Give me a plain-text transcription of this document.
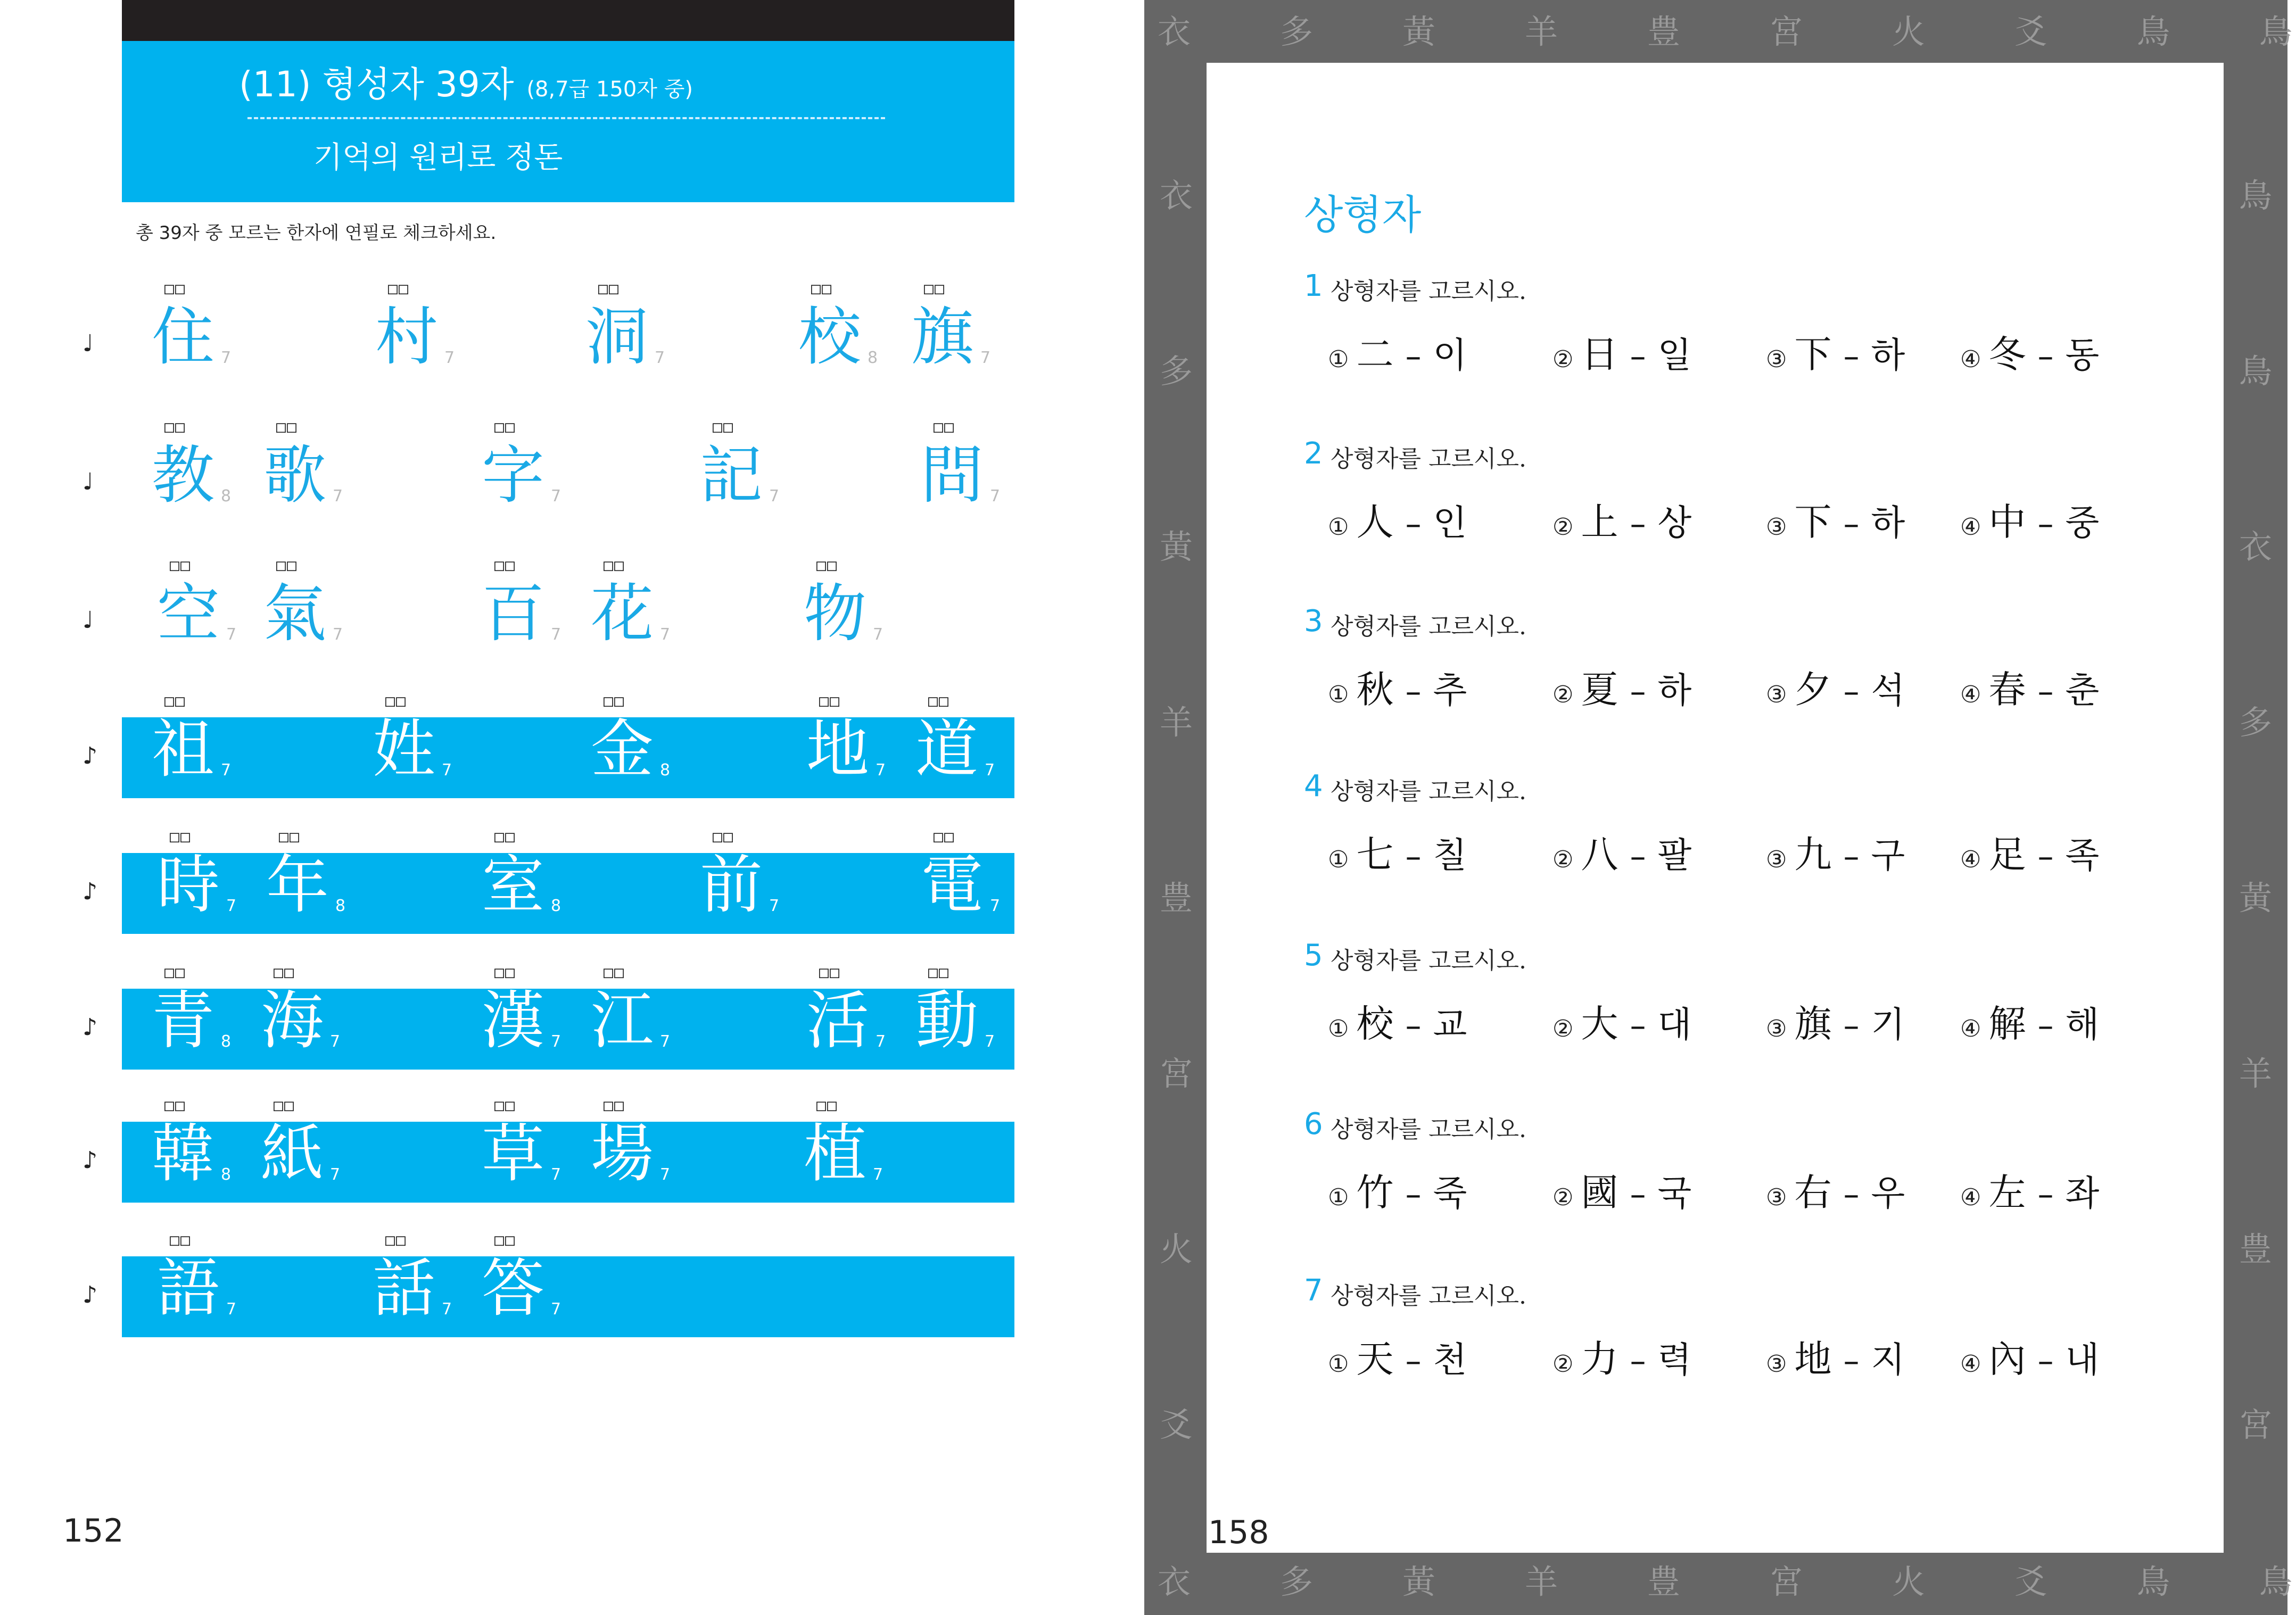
(11) 형성자 39자 (8,7급 150자 중)
기억의 원리로 정돈
총 39자 중 모르는 한자에 연필로 체크하세요.
♩
□□
住 7
□□
村 7
□□
洞 7
□□
校 8
□□
旗 7
♩
□□
教 8
□□
歌 7
□□
字 7
□□
記 7
□□
問 7
♩
□□
空 7
□□
氣 7
□□
百 7
□□
花 7
□□
物 7
♪
□□
祖 7
□□
姓 7
□□
金 8
□□
地 7
□□
道 7
♪
□□
時 7
□□
年 8
□□
室 8
□□
前 7
□□
電 7
♪
□□
青 8
□□
海 7
□□
漢 7
□□
江 7
□□
活 7
□□
動 7
♪
□□
韓 8
□□
紙 7
□□
草 7
□□
場 7
□□
植 7
♪
□□
語 7
□□
話 7
□□
答 7
152
衣	多	黃	羊	豊	宮	火	爻	鳥	鳥
衣	多	黃	羊	豊	宮	火	爻	鳥	鳥
衣
多
黃
羊
豊
宮
火
爻
鳥
鳥
衣
多
黃
羊
豊
宮
상형자
1 상형자를 고르시오.
① 二 – 이	② 日 – 일	③ 下 – 하 ④ 冬 – 동
2 상형자를 고르시오.
① 人 – 인	② 上 – 상	③ 下 – 하 ④ 中 – 중
3 상형자를 고르시오.
① 秋 – 추	② 夏 – 하	③ 夕 – 석 ④ 春 – 춘
4 상형자를 고르시오.
① 七 – 칠	② 八 – 팔	③ 九 – 구 ④ 足 – 족
5 상형자를 고르시오.
① 校 – 교	② 大 – 대	③ 旗 – 기 ④ 解 – 해
6 상형자를 고르시오.
① 竹 – 죽	② 國 – 국	③ 右 – 우 ④ 左 – 좌
7 상형자를 고르시오.
① 天 – 천	② 力 – 력	③ 地 – 지 ④ 內 – 내
158
